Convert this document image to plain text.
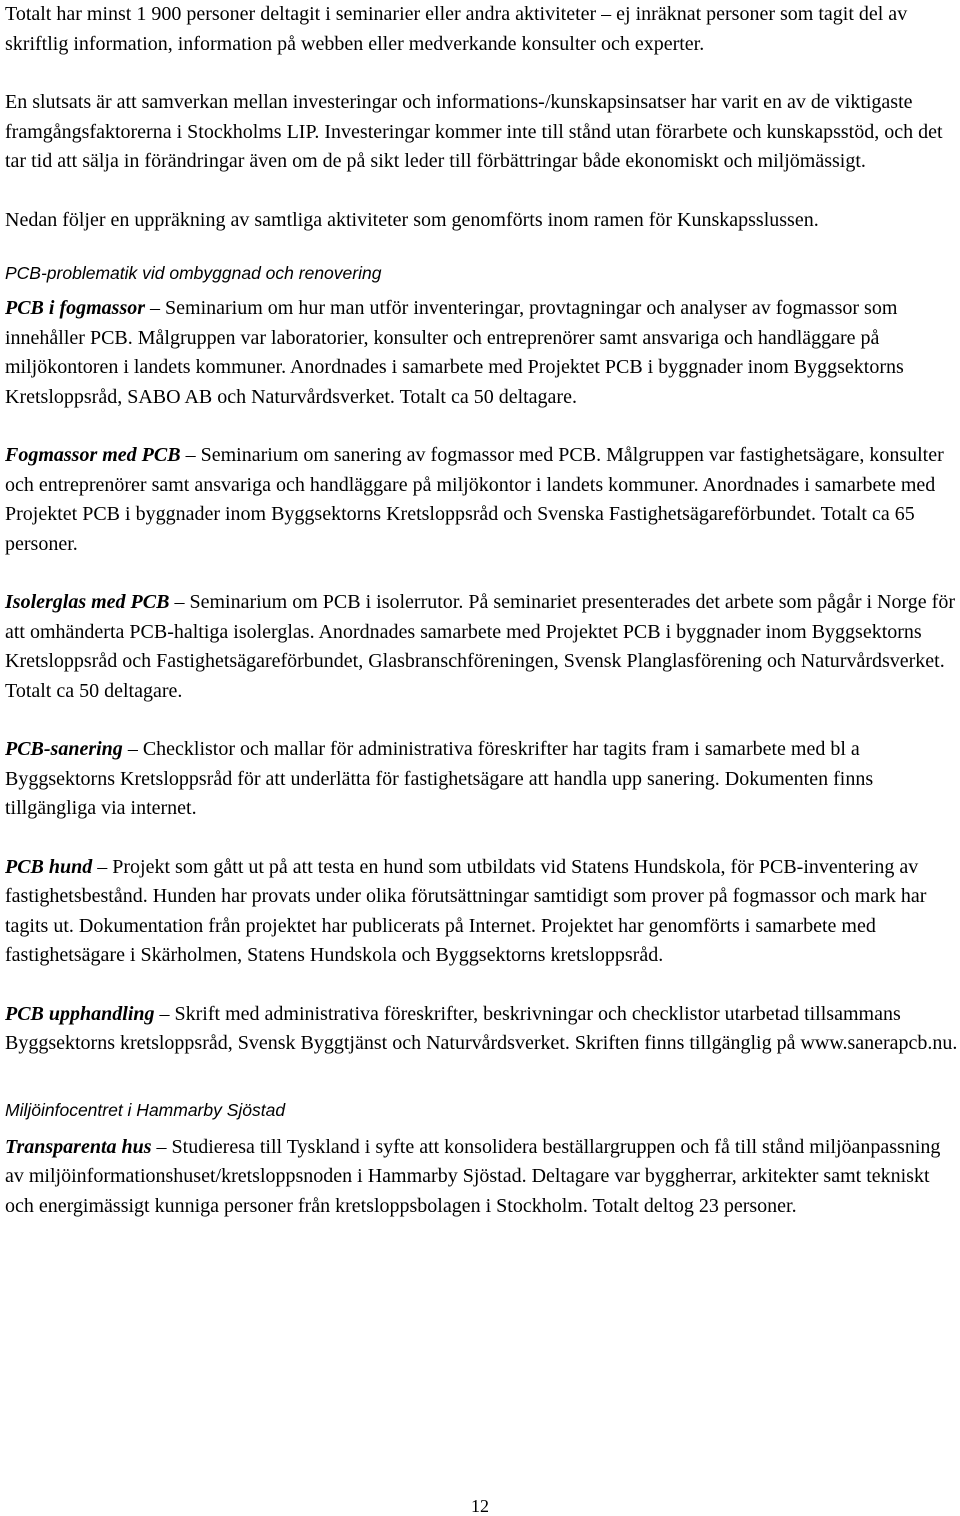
Totalt har minst 1 900 personer deltagit i seminarier eller andra aktiviteter – ej inräknat personer som tagit del av skriftlig information, information på webben eller medverkande konsulter och experter.

En slutsats är att samverkan mellan investeringar och informations-/kunskapsinsatser har varit en av de viktigaste framgångsfaktorerna i Stockholms LIP. Investeringar kommer inte till stånd utan förarbete och kunskapsstöd, och det tar tid att sälja in förändringar även om de på sikt leder till förbättringar både ekonomiskt och miljömässigt.

Nedan följer en uppräkning av samtliga aktiviteter som genomförts inom ramen för Kunskapsslussen.

PCB-problematik vid ombyggnad och renovering

PCB i fogmassor – Seminarium om hur man utför inventeringar, provtagningar och analyser av fogmassor som innehåller PCB. Målgruppen var laboratorier, konsulter och entreprenörer samt ansvariga och handläggare på miljökontoren i landets kommuner. Anordnades i samarbete med Projektet PCB i byggnader inom Byggsektorns Kretsloppsråd, SABO AB och Naturvårdsverket. Totalt ca 50 deltagare.

Fogmassor med PCB – Seminarium om sanering av fogmassor med PCB. Målgruppen var fastighetsägare, konsulter och entreprenörer samt ansvariga och handläggare på miljökontor i landets kommuner. Anordnades i samarbete med Projektet PCB i byggnader inom Byggsektorns Kretsloppsråd och Svenska Fastighetsägareförbundet. Totalt ca 65 personer.

Isolerglas med PCB – Seminarium om PCB i isolerrutor. På seminariet presenterades det arbete som pågår i Norge för att omhänderta PCB-haltiga isolerglas. Anordnades samarbete med Projektet PCB i byggnader inom Byggsektorns Kretsloppsråd och Fastighetsägareförbundet, Glasbranschföreningen, Svensk Planglasförening och Naturvårdsverket. Totalt ca 50 deltagare.

PCB-sanering – Checklistor och mallar för administrativa föreskrifter har tagits fram i samarbete med bl a Byggsektorns Kretsloppsråd för att underlätta för fastighetsägare att handla upp sanering. Dokumenten finns tillgängliga via internet.

PCB hund – Projekt som gått ut på att testa en hund som utbildats vid Statens Hundskola, för PCB-inventering av fastighetsbestånd. Hunden har provats under olika förutsättningar samtidigt som prover på fogmassor och mark har tagits ut. Dokumentation från projektet har publicerats på Internet. Projektet har genomförts i samarbete med fastighetsägare i Skärholmen, Statens Hundskola och Byggsektorns kretsloppsråd.

PCB upphandling – Skrift med administrativa föreskrifter, beskrivningar och checklistor utarbetad tillsammans Byggsektorns kretsloppsråd, Svensk Byggtjänst och Naturvårdsverket. Skriften finns tillgänglig på www.sanerapcb.nu.

Miljöinfocentret i Hammarby Sjöstad

Transparenta hus – Studieresa till Tyskland i syfte att konsolidera beställargruppen och få till stånd miljöanpassning av miljöinformationshuset/kretsloppsnoden i Hammarby Sjöstad. Deltagare var byggherrar, arkitekter samt tekniskt och energimässigt kunniga personer från kretsloppsbolagen i Stockholm. Totalt deltog 23 personer.

12
